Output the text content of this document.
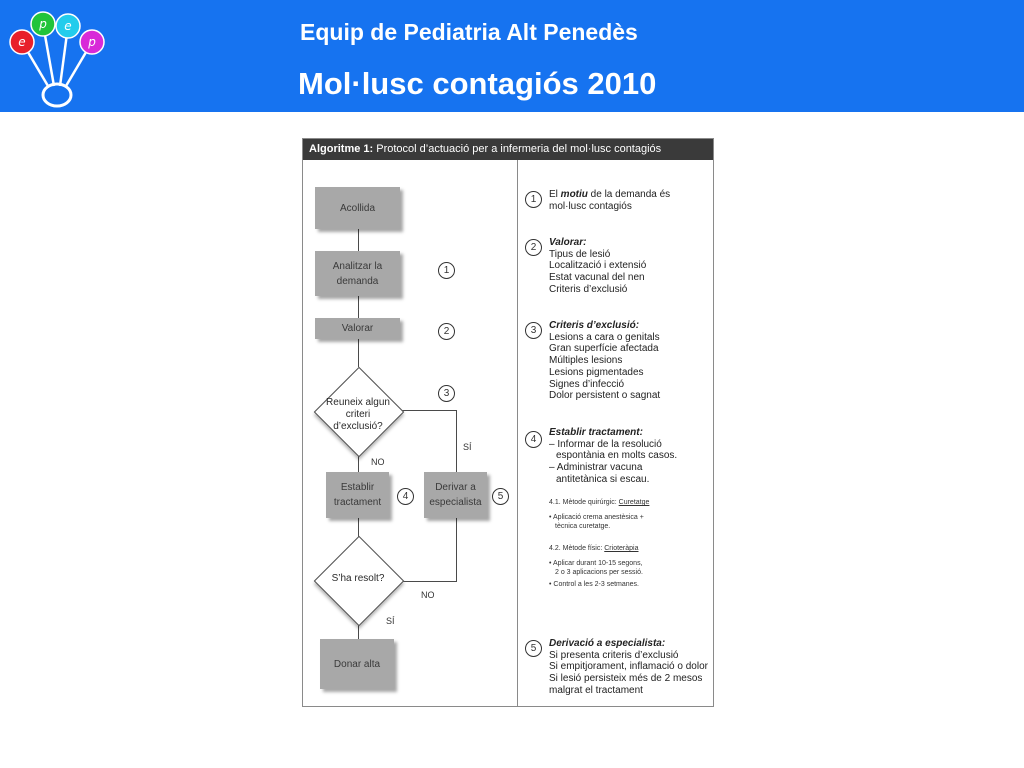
e
p e
p	Equip de Pediatria Alt Penedès
Mol·lusc contagiós 2010
Algoritme 1: Protocol d’actuació per a infermeria del mol·lusc contagiós
Acollida
Analitzar la demanda
Valorar
Establir tractament
Derivar a especialista
Donar alta
Reuneix algun criteri d’exclusió?
S’ha resolt?
NO
SÍ
NO
SÍ
1
2
3
4	5
1
2
3
4
5
El motiu de la demanda és
mol·lusc contagiós
Valorar:
Tipus de lesió
Localització i extensió
Estat vacunal del nen
Criteris d’exclusió
Criteris d’exclusió:
Lesions a cara o genitals
Gran superfície afectada
Múltiples lesions
Lesions pigmentades
Signes d’infecció
Dolor persistent o sagnat
Establir tractament:
– Informar de la resolució
espontània en molts casos.
– Administrar vacuna
antitetànica si escau.
4.1. Mètode quirúrgic: Curetatge
• Aplicació crema anestèsica +
tècnica curetatge.
4.2. Mètode físic: Crioteràpia
• Aplicar durant 10-15 segons,
2 o 3 aplicacions per sessió.
• Control a les 2-3 setmanes.
Derivació a especialista:
Si presenta criteris d’exclusió
Si empitjorament, inflamació o dolor
Si lesió persisteix més de 2 mesos
malgrat el tractament
